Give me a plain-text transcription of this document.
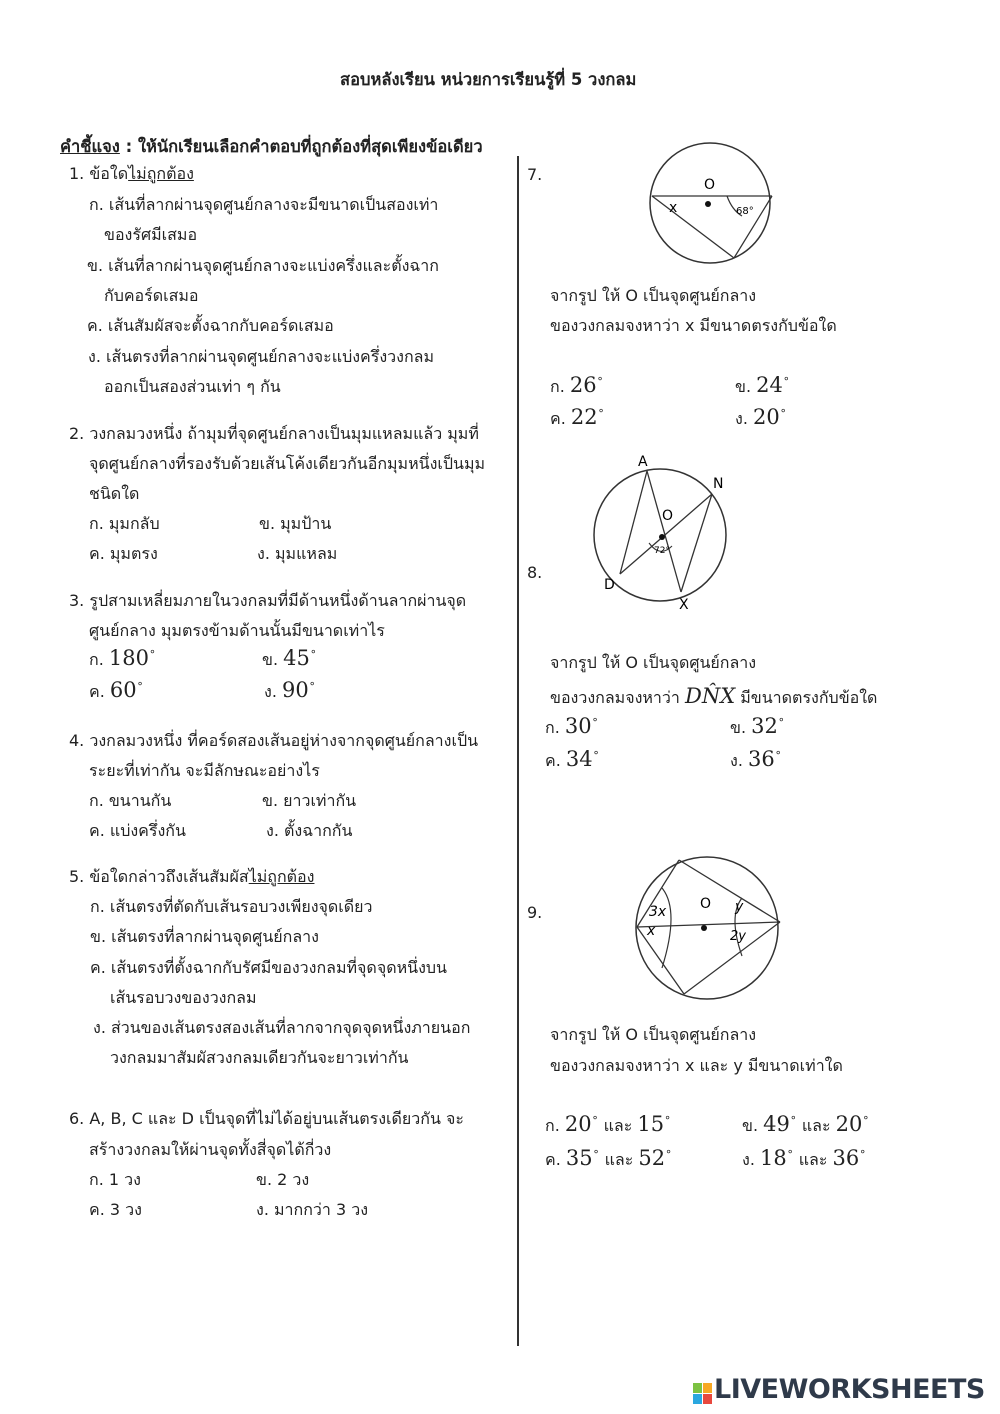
สอบหลังเรียน หน่วยการเรียนรู้ที่ 5 วงกลม
คำชี้แจง : ให้นักเรียนเลือกคำตอบที่ถูกต้องที่สุดเพียงข้อเดียว
1. ข้อใดไม่ถูกต้อง
ก. เส้นที่ลากผ่านจุดศูนย์กลางจะมีขนาดเป็นสองเท่า
ของรัศมีเสมอ
ข. เส้นที่ลากผ่านจุดศูนย์กลางจะแบ่งครึ่งและตั้งฉาก
กับคอร์ดเสมอ
ค. เส้นสัมผัสจะตั้งฉากกับคอร์ดเสมอ
ง. เส้นตรงที่ลากผ่านจุดศูนย์กลางจะแบ่งครึ่งวงกลม
ออกเป็นสองส่วนเท่า ๆ กัน
2. วงกลมวงหนึ่ง ถ้ามุมที่จุดศูนย์กลางเป็นมุมแหลมแล้ว มุมที่
จุดศูนย์กลางที่รองรับด้วยเส้นโค้งเดียวกันอีกมุมหนึ่งเป็นมุม
ชนิดใด
ก. มุมกลับ	ข. มุมป้าน
ค. มุมตรง	ง. มุมแหลม
3. รูปสามเหลี่ยมภายในวงกลมที่มีด้านหนึ่งด้านลากผ่านจุด
ศูนย์กลาง มุมตรงข้ามด้านนั้นมีขนาดเท่าไร
ก. 180∘	ข. 45∘
ค. 60∘	ง. 90∘
4. วงกลมวงหนึ่ง ที่คอร์ดสองเส้นอยู่ห่างจากจุดศูนย์กลางเป็น
ระยะที่เท่ากัน จะมีลักษณะอย่างไร
ก. ขนานกัน	ข. ยาวเท่ากัน
ค. แบ่งครึ่งกัน	ง. ตั้งฉากกัน
5. ข้อใดกล่าวถึงเส้นสัมผัสไม่ถูกต้อง
ก. เส้นตรงที่ตัดกับเส้นรอบวงเพียงจุดเดียว
ข. เส้นตรงที่ลากผ่านจุดศูนย์กลาง
ค. เส้นตรงที่ตั้งฉากกับรัศมีของวงกลมที่จุดจุดหนึ่งบน
เส้นรอบวงของวงกลม
ง. ส่วนของเส้นตรงสองเส้นที่ลากจากจุดจุดหนึ่งภายนอก
วงกลมมาสัมผัสวงกลมเดียวกันจะยาวเท่ากัน
6. A, B, C และ D เป็นจุดที่ไม่ได้อยู่บนเส้นตรงเดียวกัน จะ
สร้างวงกลมให้ผ่านจุดทั้งสี่จุดได้กี่วง
ก. 1 วง	ข. 2 วง
ค. 3 วง	ง. มากกว่า 3 วง
7.
O
x	68°
จากรูป ให้ O เป็นจุดศูนย์กลาง
ของวงกลมจงหาว่า x มีขนาดตรงกับข้อใด
ก. 26∘	ข. 24∘
ค. 22∘	ง. 20∘
8.
A
N
O
D
X
72°
จากรูป ให้ O เป็นจุดศูนย์กลาง
ของวงกลมจงหาว่า DN̂X มีขนาดตรงกับข้อใด
ก. 30∘	ข. 32∘
ค. 34∘	ง. 36∘
9.	O
3x
x
y
2y
จากรูป ให้ O เป็นจุดศูนย์กลาง
ของวงกลมจงหาว่า x และ y มีขนาดเท่าใด
ก. 20∘ และ 15∘	ข. 49∘ และ 20∘
ค. 35∘ และ 52∘	ง. 18∘ และ 36∘
LIVEWORKSHEETS
